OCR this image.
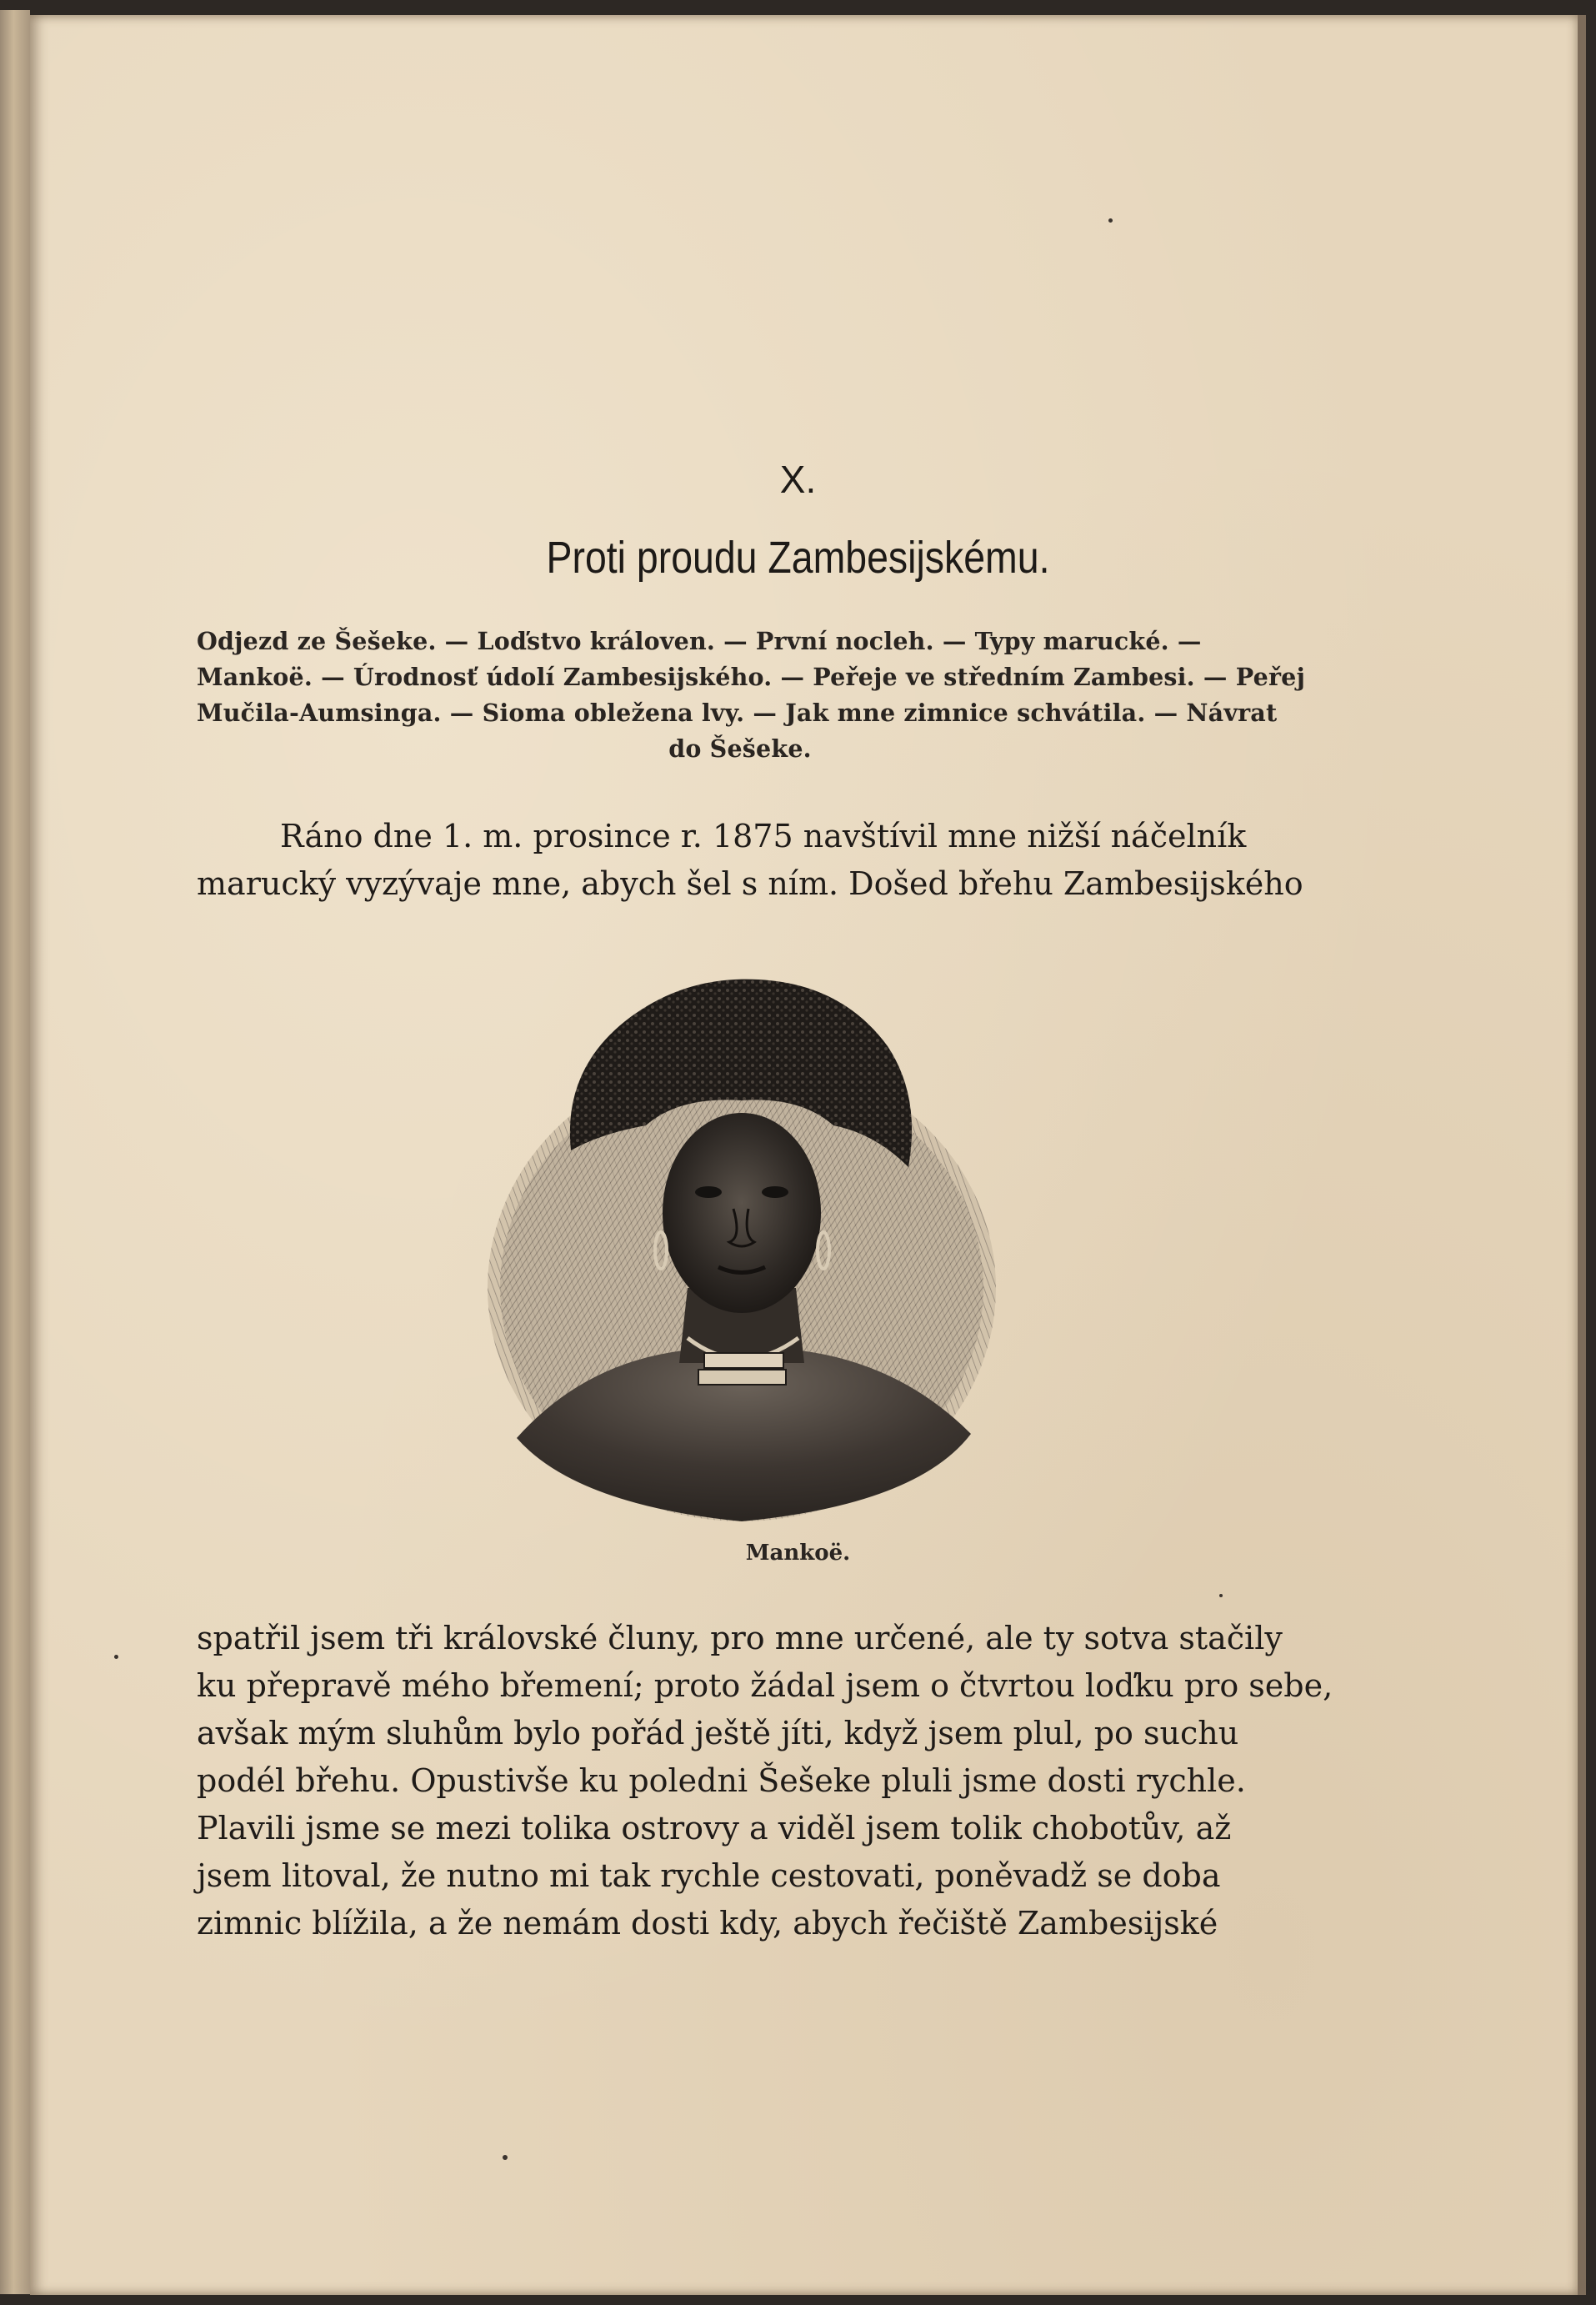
X.
Proti proudu Zambesijskému.
Odjezd ze Šešeke. — Loďstvo královen. — První nocleh. — Typy marucké. —
Mankoë. — Úrodnosť údolí Zambesijského. — Peřeje ve středním Zambesi. — Peřej
Mučila-Aumsinga. — Sioma obležena lvy. — Jak mne zimnice schvátila. — Návrat
do Šešeke.
Ráno dne 1. m. prosince r. 1875 navštívil mne nižší náčelník
marucký vyzývaje mne, abych šel s ním. Došed břehu Zambesijského
Mankoë.
spatřil jsem tři královské čluny, pro mne určené, ale ty sotva stačily
ku přepravě mého břemení; proto žádal jsem o čtvrtou loďku pro sebe,
avšak mým sluhům bylo pořád ještě jíti, když jsem plul, po suchu
podél břehu. Opustivše ku poledni Šešeke pluli jsme dosti rychle.
Plavili jsme se mezi tolika ostrovy a viděl jsem tolik chobotův, až
jsem litoval, že nutno mi tak rychle cestovati, poněvadž se doba
zimnic blížila, a že nemám dosti kdy, abych řečiště Zambesijské
